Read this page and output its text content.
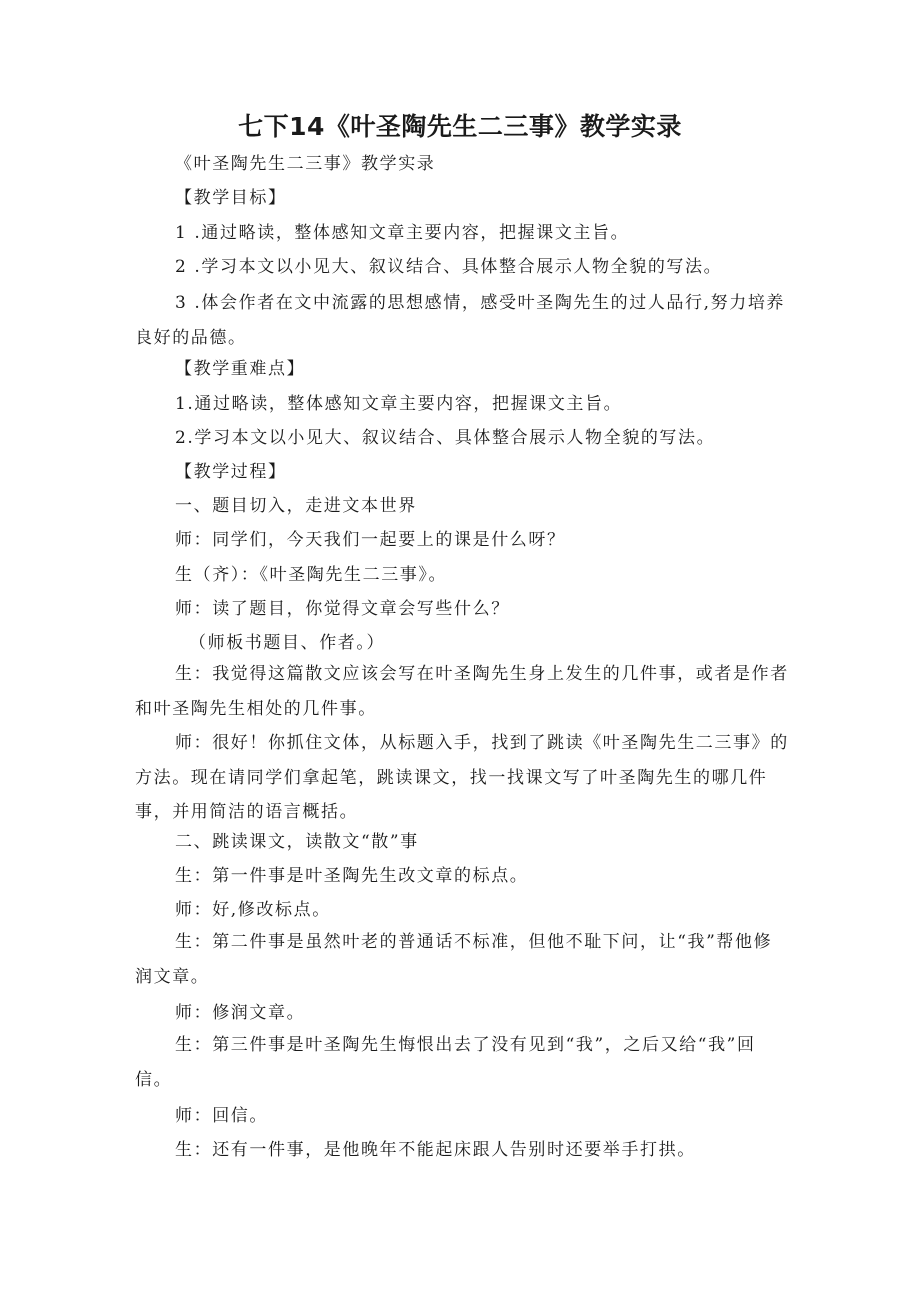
七下14《叶圣陶先生二三事》教学实录
《叶圣陶先生二三事》教学实录
【教学目标】
1 .通过略读，整体感知文章主要内容，把握课文主旨。
2 .学习本文以小见大、叙议结合、具体整合展示人物全貌的写法。
3 .体会作者在文中流露的思想感情，感受叶圣陶先生的过人品行,努力培养良好的品德。
【教学重难点】
1.通过略读，整体感知文章主要内容，把握课文主旨。
2.学习本文以小见大、叙议结合、具体整合展示人物全貌的写法。
【教学过程】
一、题目切入，走进文本世界
师：同学们，今天我们一起要上的课是什么呀？
生（齐）：《叶圣陶先生二三事》。
师：读了题目，你觉得文章会写些什么？
（师板书题目、作者。）
生：我觉得这篇散文应该会写在叶圣陶先生身上发生的几件事，或者是作者和叶圣陶先生相处的几件事。
师：很好！你抓住文体，从标题入手，找到了跳读《叶圣陶先生二三事》的方法。现在请同学们拿起笔，跳读课文，找一找课文写了叶圣陶先生的哪几件事，并用简洁的语言概括。
二、跳读课文，读散文“散”事
生：第一件事是叶圣陶先生改文章的标点。
师：好,修改标点。
生：第二件事是虽然叶老的普通话不标准，但他不耻下问，让“我”帮他修润文章。
师：修润文章。
生：第三件事是叶圣陶先生悔恨出去了没有见到“我”，之后又给“我”回信。
师：回信。
生：还有一件事，是他晚年不能起床跟人告别时还要举手打拱。
